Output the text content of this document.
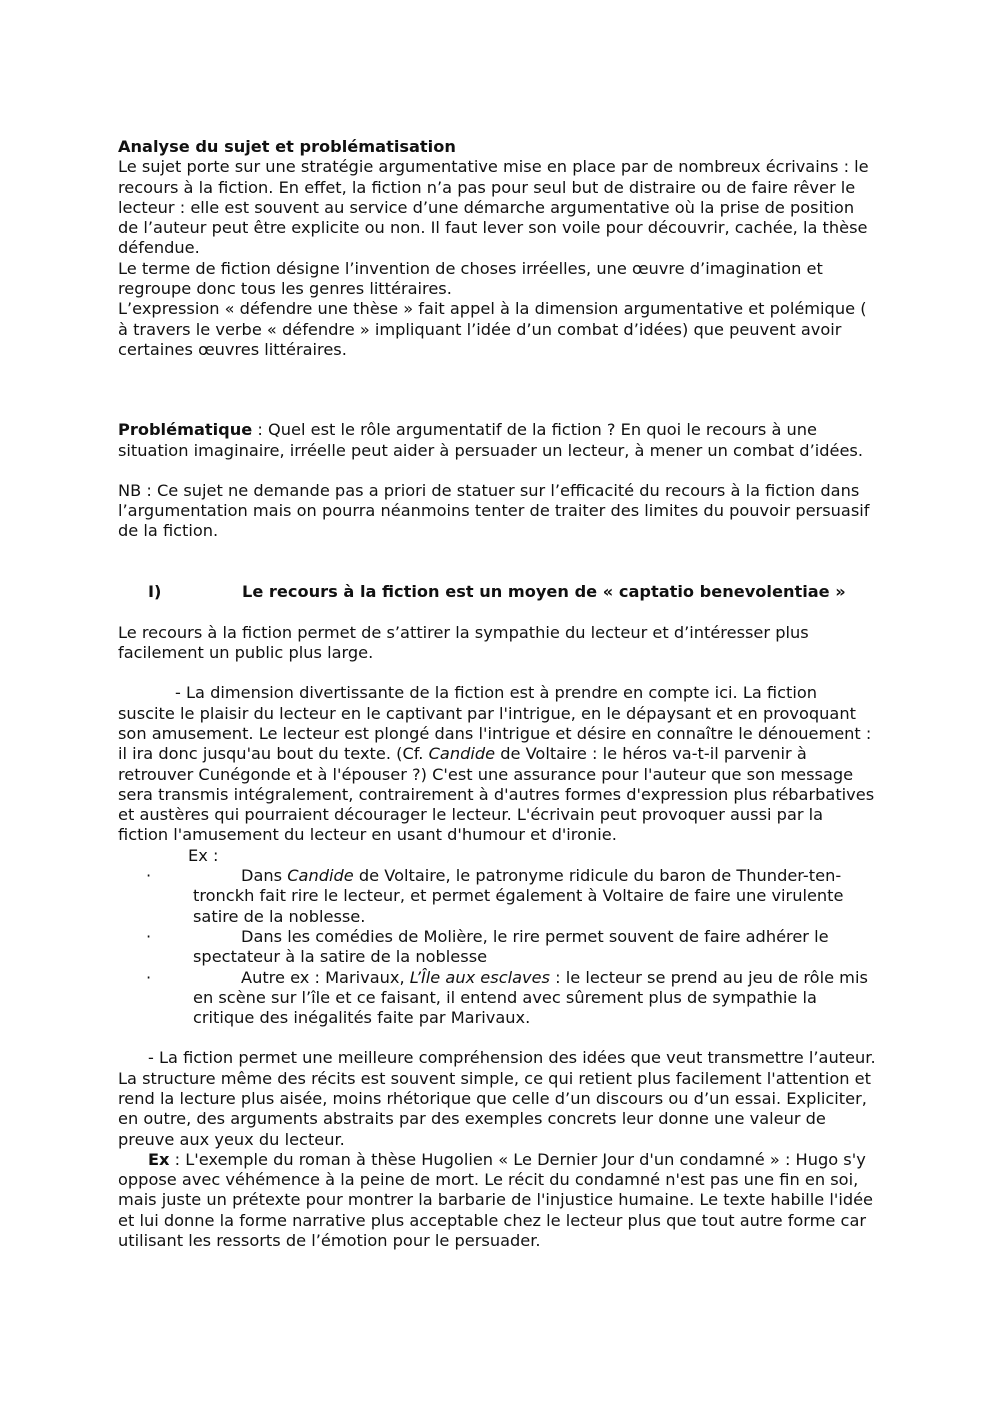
Analyse du sujet et problématisation

Le sujet porte sur une stratégie argumentative mise en place par de nombreux écrivains : le recours à la fiction. En effet, la fiction n’a pas pour seul but de distraire ou de faire rêver le lecteur : elle est souvent au service d’une démarche argumentative où la prise de position de l’auteur peut être explicite ou non. Il faut lever son voile pour découvrir, cachée, la thèse défendue.

Le terme de fiction désigne l’invention de choses irréelles, une œuvre d’imagination et regroupe donc tous les genres littéraires.

L’expression « défendre une thèse » fait appel à la dimension argumentative et polémique ( à travers le verbe « défendre » impliquant l’idée d’un combat d’idées) que peuvent avoir certaines œuvres littéraires.

Problématique : Quel est le rôle argumentatif de la fiction ? En quoi le recours à une situation imaginaire, irréelle peut aider à persuader un lecteur, à mener un combat d’idées.

NB : Ce sujet ne demande pas a priori de statuer sur l’efficacité du recours à la fiction dans l’argumentation mais on pourra néanmoins tenter de traiter des limites du pouvoir persuasif de la fiction.

I)	Le recours à la fiction est un moyen de « captatio benevolentiae »

Le recours à la fiction permet de s’attirer la sympathie du lecteur et d’intéresser plus facilement un public plus large.

- La dimension divertissante de la fiction est à prendre en compte ici. La fiction suscite le plaisir du lecteur en le captivant par l'intrigue, en le dépaysant et en provoquant son amusement. Le lecteur est plongé dans l'intrigue et désire en connaître le dénouement : il ira donc jusqu'au bout du texte. (Cf. Candide de Voltaire : le héros va-t-il parvenir à retrouver Cunégonde et à l'épouser ?) C'est une assurance pour l'auteur que son message sera transmis intégralement, contrairement à d'autres formes d'expression plus rébarbatives et austères qui pourraient décourager le lecteur. L'écrivain peut provoquer aussi par la fiction l'amusement du lecteur en usant d'humour et d'ironie.

Ex :

·	Dans Candide de Voltaire, le patronyme ridicule du baron de Thunder-ten-tronckh fait rire le lecteur, et permet également à Voltaire de faire une virulente satire de la noblesse.

·	Dans les comédies de Molière, le rire permet souvent de faire adhérer le spectateur à la satire de la noblesse

·	Autre ex : Marivaux, L’Île aux esclaves : le lecteur se prend au jeu de rôle mis en scène sur l’île et ce faisant, il entend avec sûrement plus de sympathie la critique des inégalités faite par Marivaux.

- La fiction permet une meilleure compréhension des idées que veut transmettre l’auteur. La structure même des récits est souvent simple, ce qui retient plus facilement l'attention et rend la lecture plus aisée, moins rhétorique que celle d’un discours ou d’un essai. Expliciter, en outre, des arguments abstraits par des exemples concrets leur donne une valeur de preuve aux yeux du lecteur.

Ex : L'exemple du roman à thèse Hugolien « Le Dernier Jour d'un condamné » : Hugo s'y oppose avec véhémence à la peine de mort. Le récit du condamné n'est pas une fin en soi, mais juste un prétexte pour montrer la barbarie de l'injustice humaine. Le texte habille l'idée et lui donne la forme narrative plus acceptable chez le lecteur plus que tout autre forme car utilisant les ressorts de l’émotion pour le persuader.
